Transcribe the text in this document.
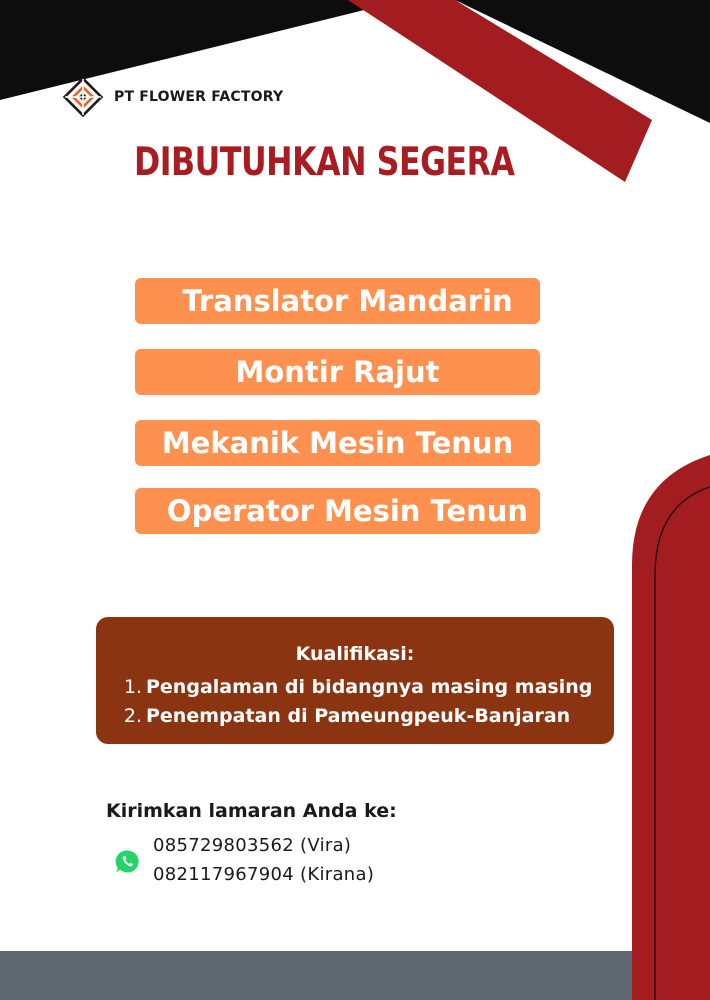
PT FLOWER FACTORY
DIBUTUHKAN SEGERA
Translator Mandarin
Montir Rajut
Mekanik Mesin Tenun
Operator Mesin Tenun
Kualifikasi:
1. Pengalaman di bidangnya masing masing
2. Penempatan di Pameungpeuk-Banjaran
Kirimkan lamaran Anda ke:
085729803562 (Vira)
082117967904 (Kirana)
